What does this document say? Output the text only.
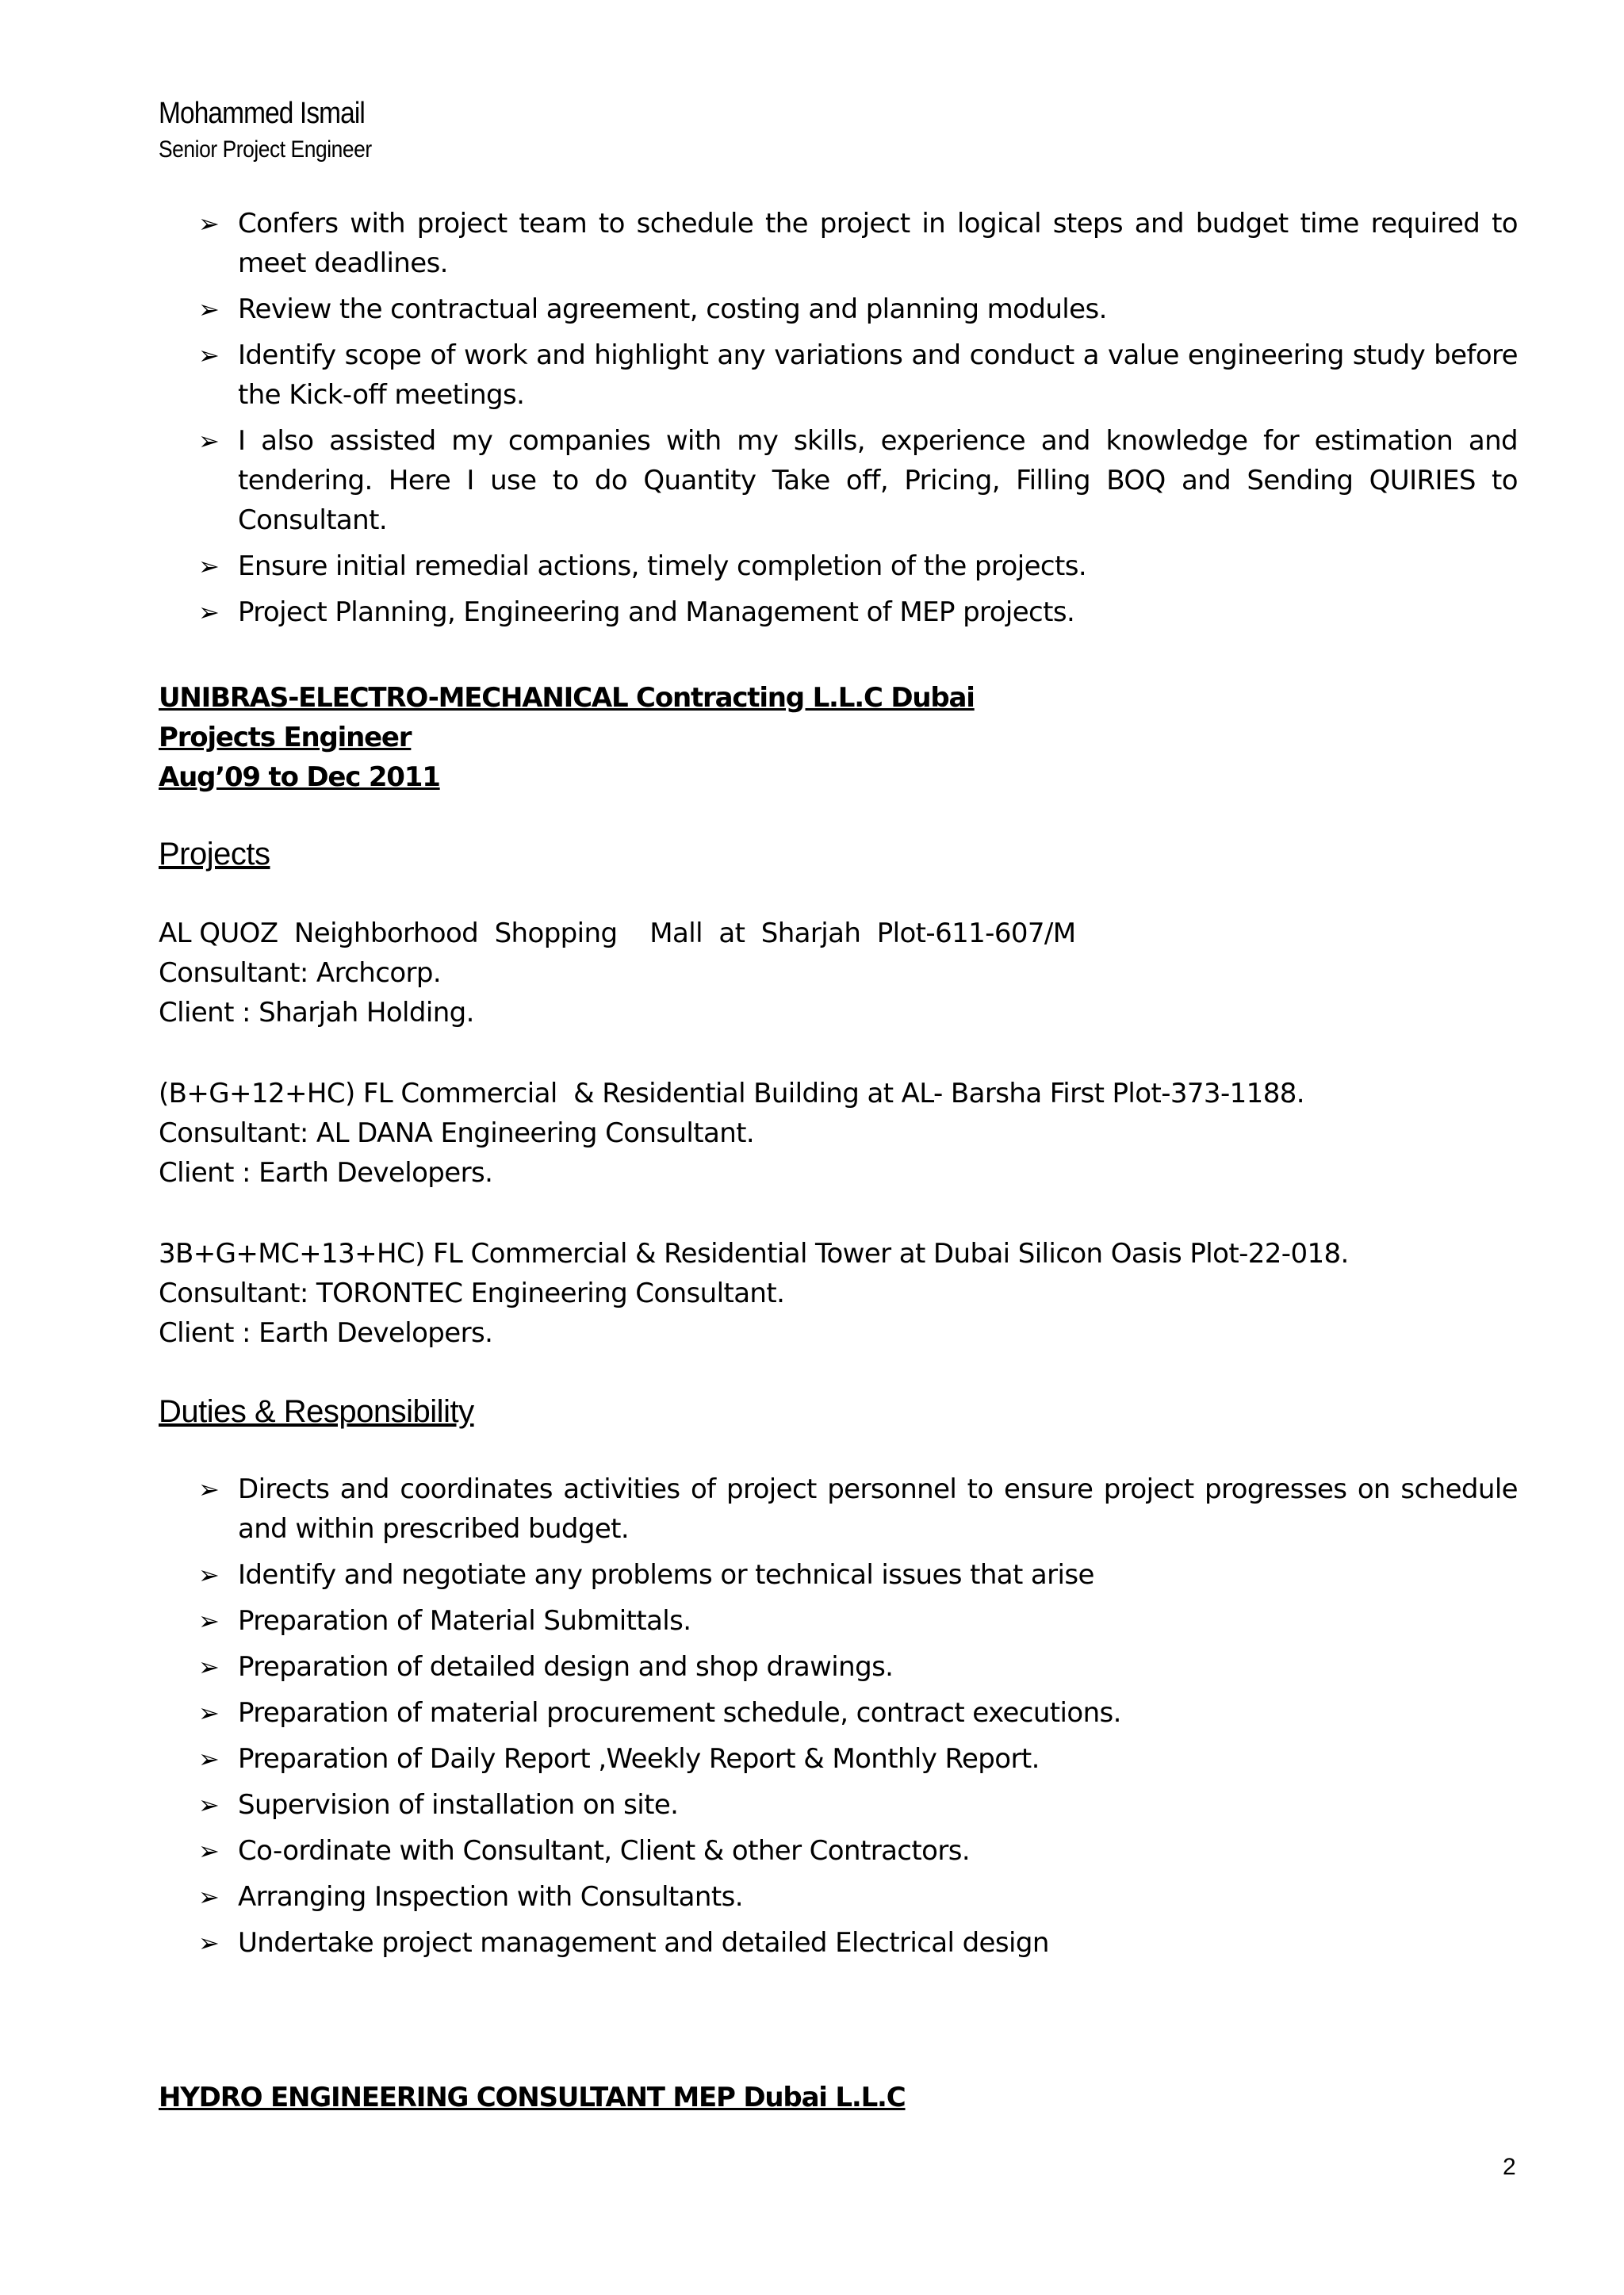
Mohammed Ismail
Senior Project Engineer
➢ Confers with project team to schedule the project in logical steps and budget time required to meet deadlines.
➢ Review the contractual agreement, costing and planning modules.
➢ Identify scope of work and highlight any variations and conduct a value engineering study before the Kick-off meetings.
➢ I also assisted my companies with my skills, experience and knowledge for estimation and tendering. Here I use to do Quantity Take off, Pricing, Filling BOQ and Sending QUIRIES to Consultant.
➢ Ensure initial remedial actions, timely completion of the projects.
➢ Project Planning, Engineering and Management of MEP projects.
UNIBRAS-ELECTRO-MECHANICAL Contracting L.L.C Dubai
Projects Engineer
Aug’09 to Dec 2011
Projects
AL QUOZ  Neighborhood  Shopping    Mall  at  Sharjah  Plot-611-607/M
Consultant: Archcorp.
Client : Sharjah Holding.
(B+G+12+HC) FL Commercial  & Residential Building at AL- Barsha First Plot-373-1188.
Consultant: AL DANA Engineering Consultant.
Client : Earth Developers.
3B+G+MC+13+HC) FL Commercial & Residential Tower at Dubai Silicon Oasis Plot-22-018.
Consultant: TORONTEC Engineering Consultant.
Client : Earth Developers.
Duties & Responsibility
➢ Directs and coordinates activities of project personnel to ensure project progresses on schedule and within prescribed budget.
➢ Identify and negotiate any problems or technical issues that arise
➢ Preparation of Material Submittals.
➢ Preparation of detailed design and shop drawings.
➢ Preparation of material procurement schedule, contract executions.
➢ Preparation of Daily Report ,Weekly Report & Monthly Report.
➢ Supervision of installation on site.
➢ Co-ordinate with Consultant, Client & other Contractors.
➢ Arranging Inspection with Consultants.
➢ Undertake project management and detailed Electrical design
HYDRO ENGINEERING CONSULTANT MEP Dubai L.L.C
2
